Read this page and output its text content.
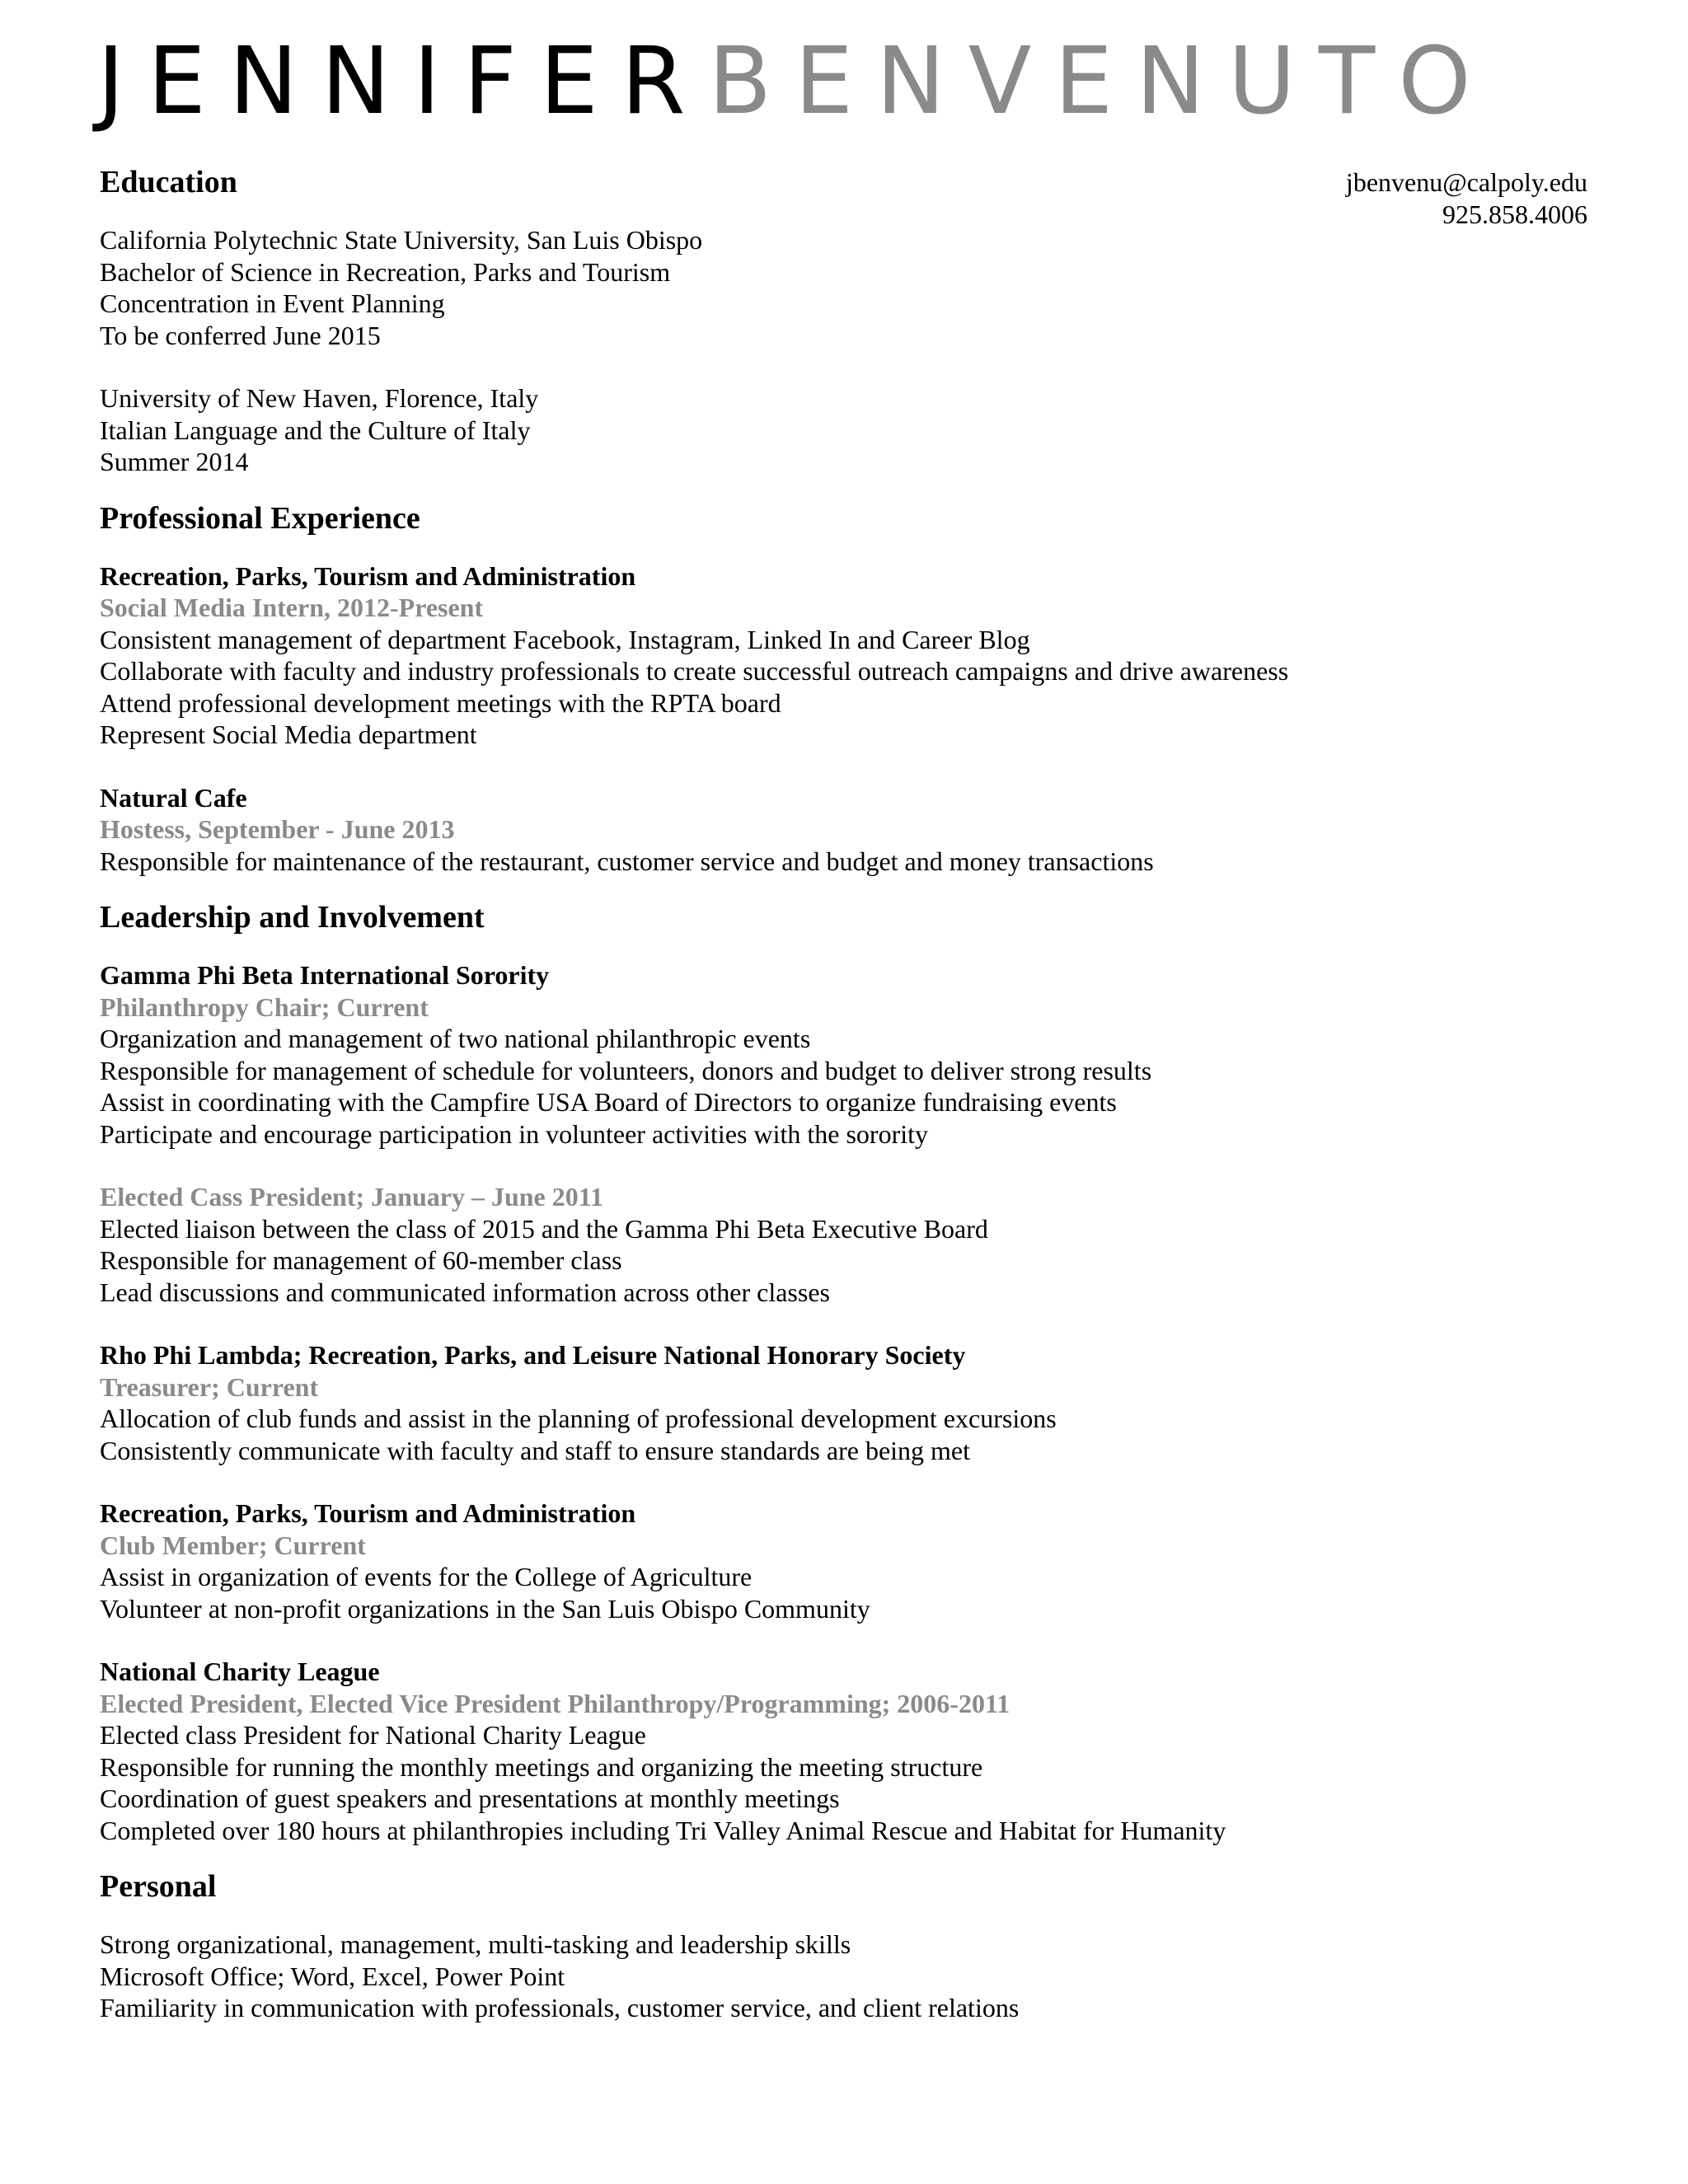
JENNIFERBENVENUTO
jbenvenu@calpoly.edu
925.858.4006
Education
California Polytechnic State University, San Luis Obispo
Bachelor of Science in Recreation, Parks and Tourism
Concentration in Event Planning
To be conferred June 2015
University of New Haven, Florence, Italy
Italian Language and the Culture of Italy
Summer 2014
Professional Experience
Recreation, Parks, Tourism and Administration
Social Media Intern, 2012-Present
Consistent management of department Facebook, Instagram, Linked In and Career Blog
Collaborate with faculty and industry professionals to create successful outreach campaigns and drive awareness
Attend professional development meetings with the RPTA board
Represent Social Media department
Natural Cafe
Hostess, September - June 2013
Responsible for maintenance of the restaurant, customer service and budget and money transactions
Leadership and Involvement
Gamma Phi Beta International Sorority
Philanthropy Chair; Current
Organization and management of two national philanthropic events
Responsible for management of schedule for volunteers, donors and budget to deliver strong results
Assist in coordinating with the Campfire USA Board of Directors to organize fundraising events
Participate and encourage participation in volunteer activities with the sorority
Elected Cass President; January – June 2011
Elected liaison between the class of 2015 and the Gamma Phi Beta Executive Board
Responsible for management of 60-member class
Lead discussions and communicated information across other classes
Rho Phi Lambda; Recreation, Parks, and Leisure National Honorary Society
Treasurer; Current
Allocation of club funds and assist in the planning of professional development excursions
Consistently communicate with faculty and staff to ensure standards are being met
Recreation, Parks, Tourism and Administration
Club Member; Current
Assist in organization of events for the College of Agriculture
Volunteer at non-profit organizations in the San Luis Obispo Community
National Charity League
Elected President, Elected Vice President Philanthropy/Programming; 2006-2011
Elected class President for National Charity League
Responsible for running the monthly meetings and organizing the meeting structure
Coordination of guest speakers and presentations at monthly meetings
Completed over 180 hours at philanthropies including Tri Valley Animal Rescue and Habitat for Humanity
Personal
Strong organizational, management, multi-tasking and leadership skills
Microsoft Office; Word, Excel, Power Point
Familiarity in communication with professionals, customer service, and client relations
